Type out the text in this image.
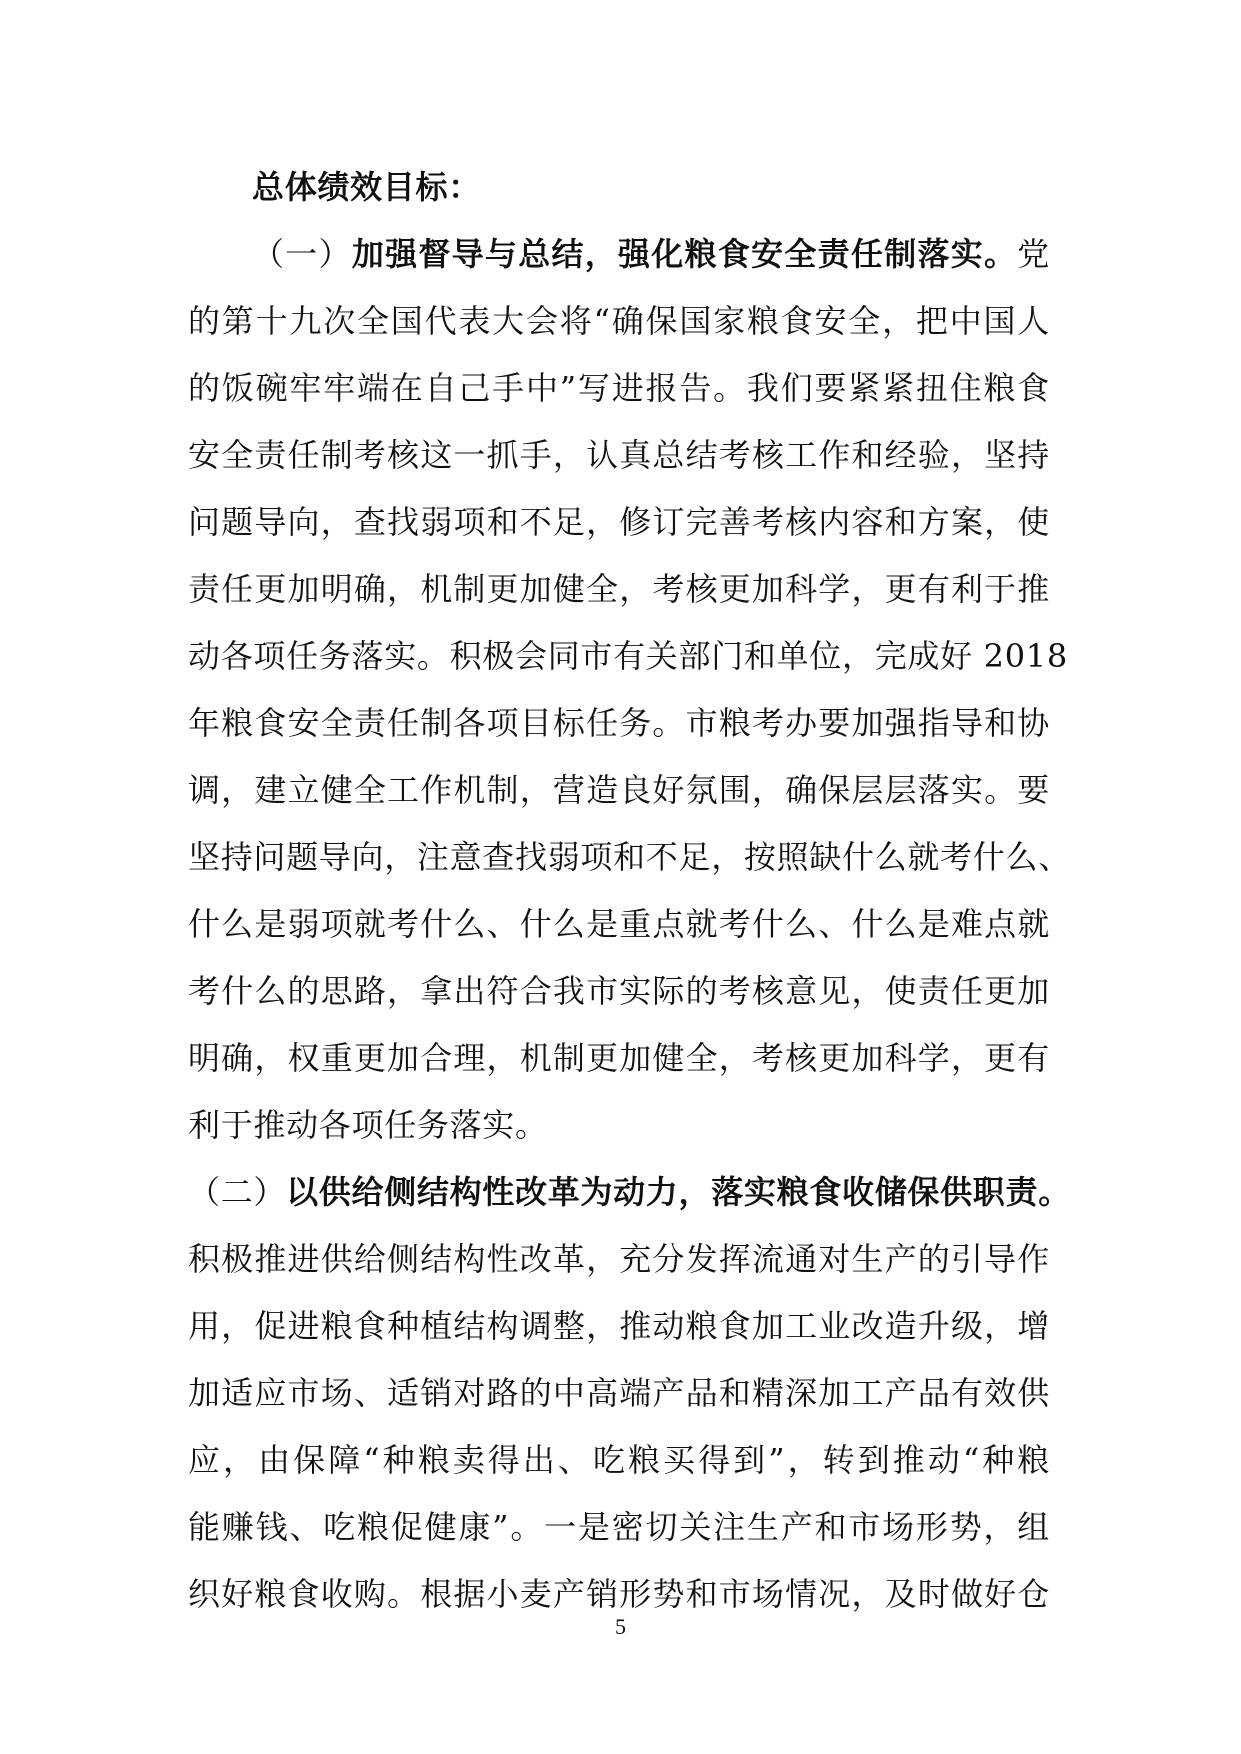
总体绩效目标：
（一）加强督导与总结，强化粮食安全责任制落实。党
的第十九次全国代表大会将“确保国家粮食安全，把中国人
的饭碗牢牢端在自己手中”写进报告。我们要紧紧扭住粮食
安全责任制考核这一抓手，认真总结考核工作和经验，坚持
问题导向，查找弱项和不足，修订完善考核内容和方案，使
责任更加明确，机制更加健全，考核更加科学，更有利于推
动各项任务落实。积极会同市有关部门和单位，完成好 2018
年粮食安全责任制各项目标任务。市粮考办要加强指导和协
调，建立健全工作机制，营造良好氛围，确保层层落实。要
坚持问题导向，注意查找弱项和不足，按照缺什么就考什么、
什么是弱项就考什么、什么是重点就考什么、什么是难点就
考什么的思路，拿出符合我市实际的考核意见，使责任更加
明确，权重更加合理，机制更加健全，考核更加科学，更有
利于推动各项任务落实。
（二）以供给侧结构性改革为动力，落实粮食收储保供职责。
积极推进供给侧结构性改革，充分发挥流通对生产的引导作
用，促进粮食种植结构调整，推动粮食加工业改造升级，增
加适应市场、适销对路的中高端产品和精深加工产品有效供
应，由保障“种粮卖得出、吃粮买得到”，转到推动“种粮
能赚钱、吃粮促健康”。一是密切关注生产和市场形势，组
织好粮食收购。根据小麦产销形势和市场情况，及时做好仓
5
